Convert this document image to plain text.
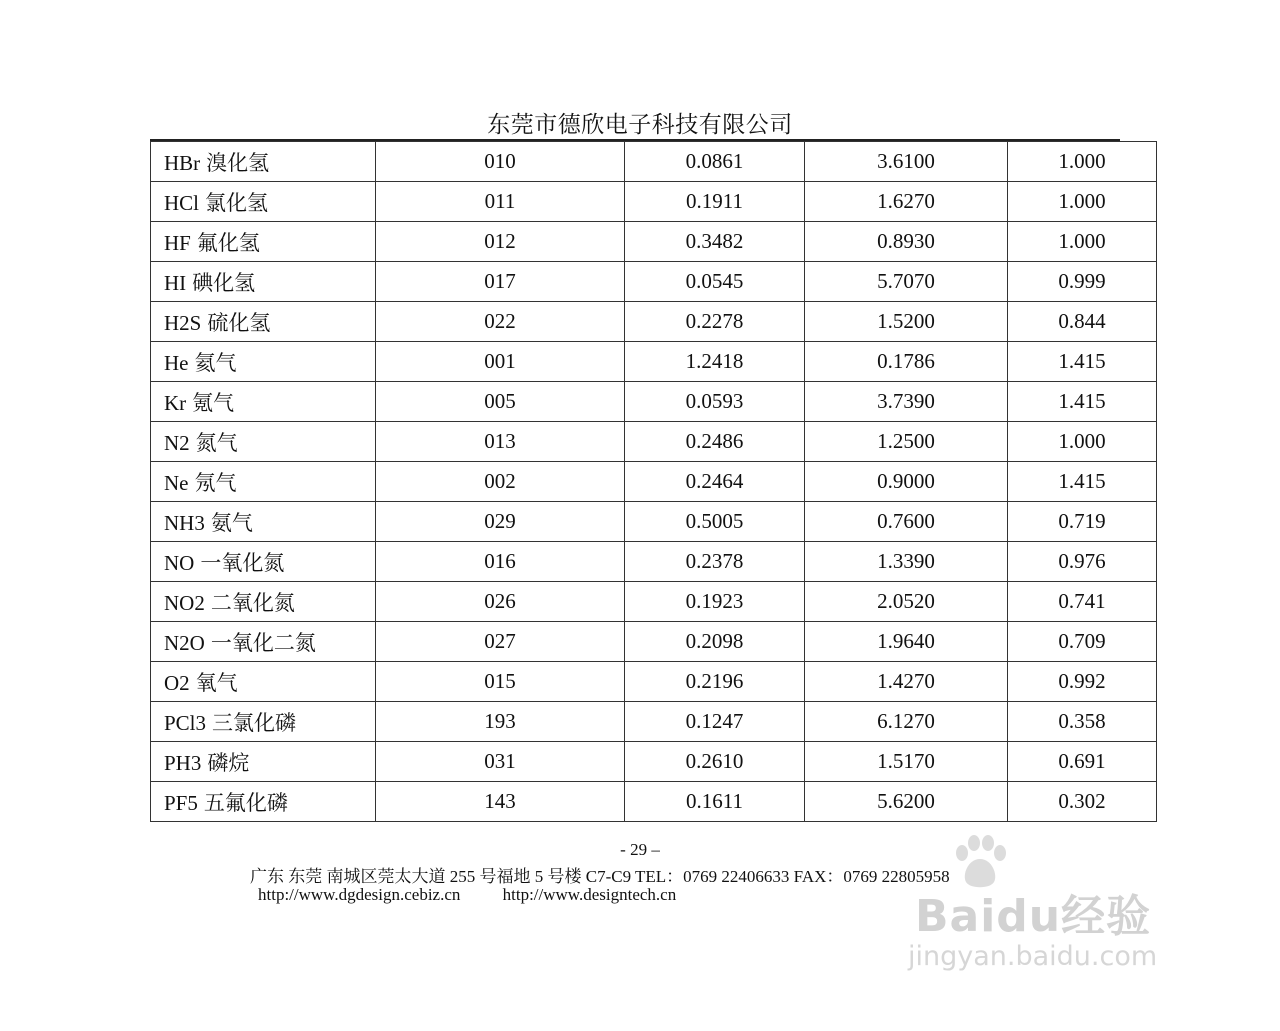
东莞市德欣电子科技有限公司
HBr 溴化氢	010	0.0861	3.6100	1.000
HCl 氯化氢	011	0.1911	1.6270	1.000
HF 氟化氢	012	0.3482	0.8930	1.000
HI 碘化氢	017	0.0545	5.7070	0.999
H2S 硫化氢	022	0.2278	1.5200	0.844
He 氦气	001	1.2418	0.1786	1.415
Kr 氪气	005	0.0593	3.7390	1.415
N2 氮气	013	0.2486	1.2500	1.000
Ne 氖气	002	0.2464	0.9000	1.415
NH3 氨气	029	0.5005	0.7600	0.719
NO 一氧化氮	016	0.2378	1.3390	0.976
NO2 二氧化氮	026	0.1923	2.0520	0.741
N2O 一氧化二氮	027	0.2098	1.9640	0.709
O2 氧气	015	0.2196	1.4270	0.992
PCl3 三氯化磷	193	0.1247	6.1270	0.358
PH3 磷烷	031	0.2610	1.5170	0.691
PF5 五氟化磷	143	0.1611	5.6200	0.302
- 29 –
广东 东莞 南城区莞太大道 255 号福地 5 号楼 C7-C9 TEL：0769 22406633 FAX：0769 22805958
http://www.dgdesign.cebiz.cn http://www.designtech.cn	Baidu经验
jingyan.baidu.com
